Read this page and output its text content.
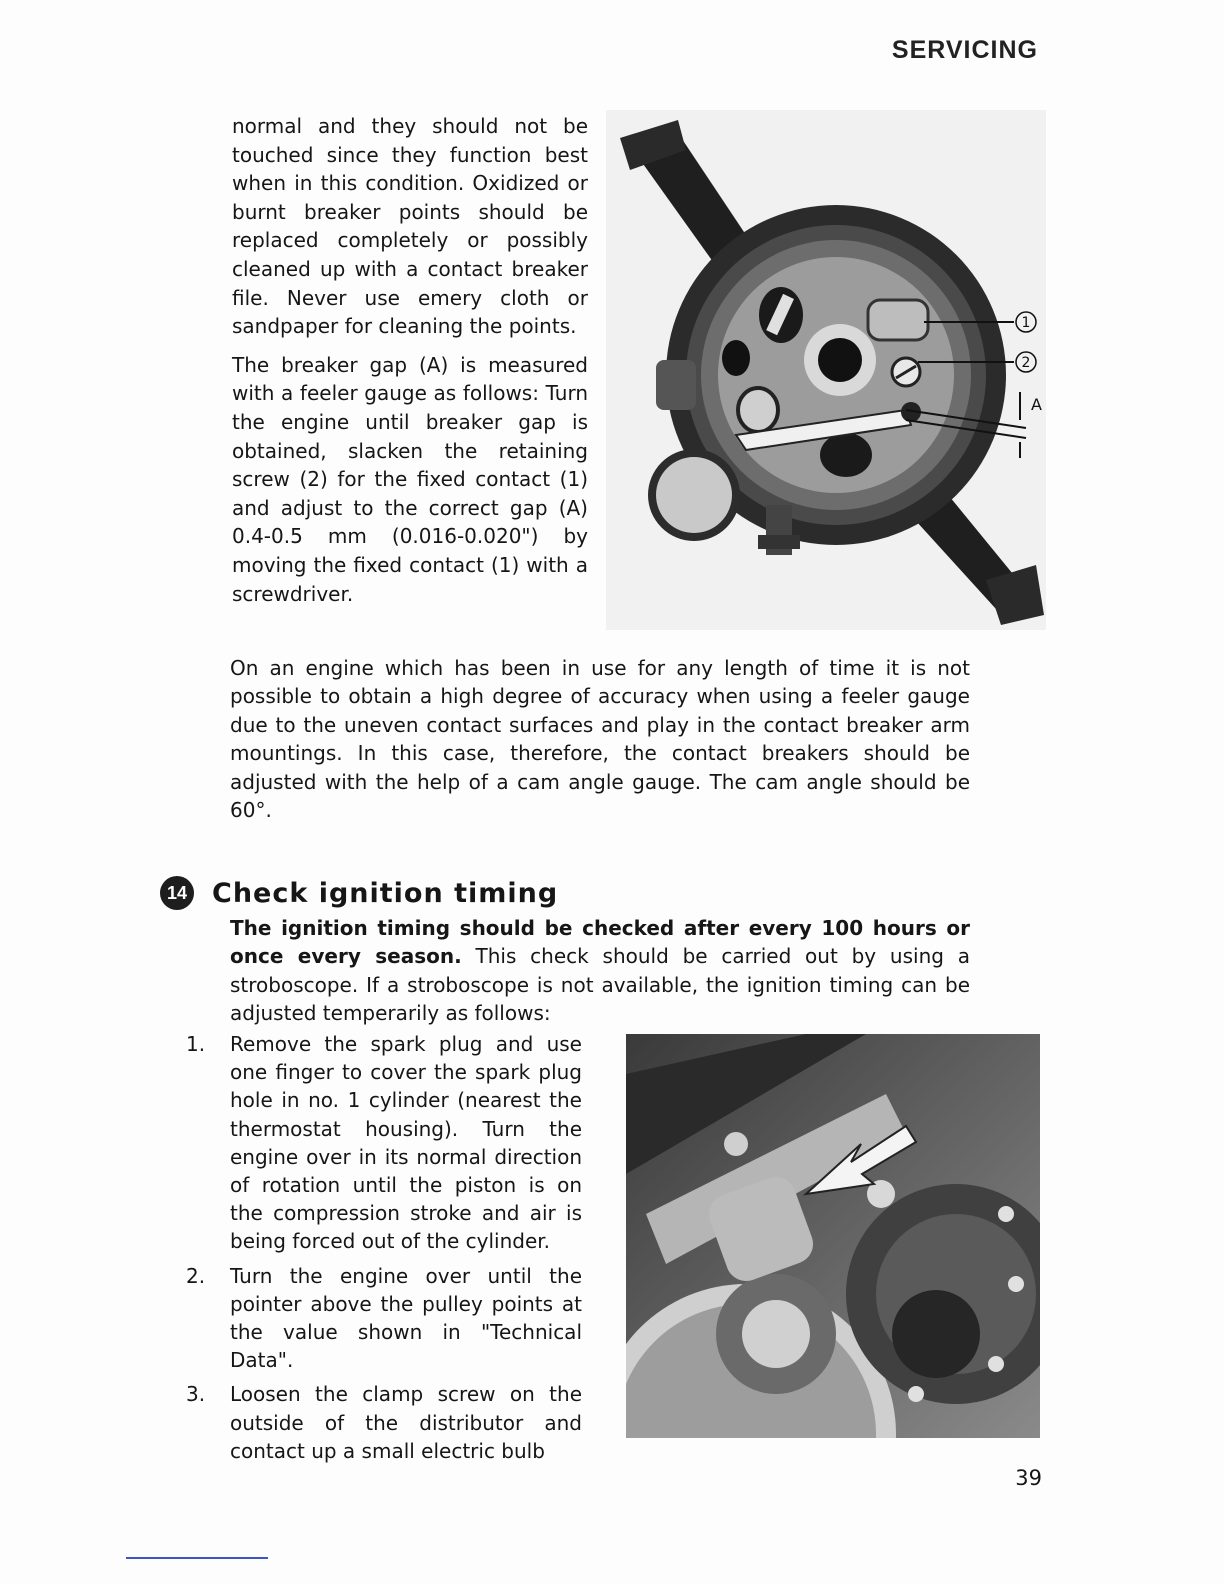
SERVICING

normal and they should not be touched since they function best when in this condition. Oxidized or burnt breaker points should be replaced completely or possibly cleaned up with a contact breaker file. Never use emery cloth or sandpaper for cleaning the points.

The breaker gap (A) is measured with a feeler gauge as follows: Turn the engine until breaker gap is obtained, slacken the retaining screw (2) for the fixed contact (1) and adjust to the correct gap (A) 0.4-0.5 mm (0.016-0.020") by moving the fixed contact (1) with a screwdriver.

1
2
A
On an engine which has been in use for any length of time it is not possible to obtain a high degree of accuracy when using a feeler gauge due to the uneven contact surfaces and play in the contact breaker arm mountings. In this case, therefore, the contact breakers should be adjusted with the help of a cam angle gauge. The cam angle should be 60°.
14 Check ignition timing
The ignition timing should be checked after every 100 hours or once every season. This check should be carried out by using a stroboscope. If a stroboscope is not available, the ignition timing can be adjusted temperarily as follows:
1. Remove the spark plug and use one finger to cover the spark plug hole in no. 1 cylinder (nearest the thermostat housing). Turn the engine over in its normal direction of rotation until the piston is on the compression stroke and air is being forced out of the cylinder.
2. Turn the engine over until the pointer above the pulley points at the value shown in "Technical Data".
3. Loosen the clamp screw on the outside of the distributor and contact up a small electric bulb
39
